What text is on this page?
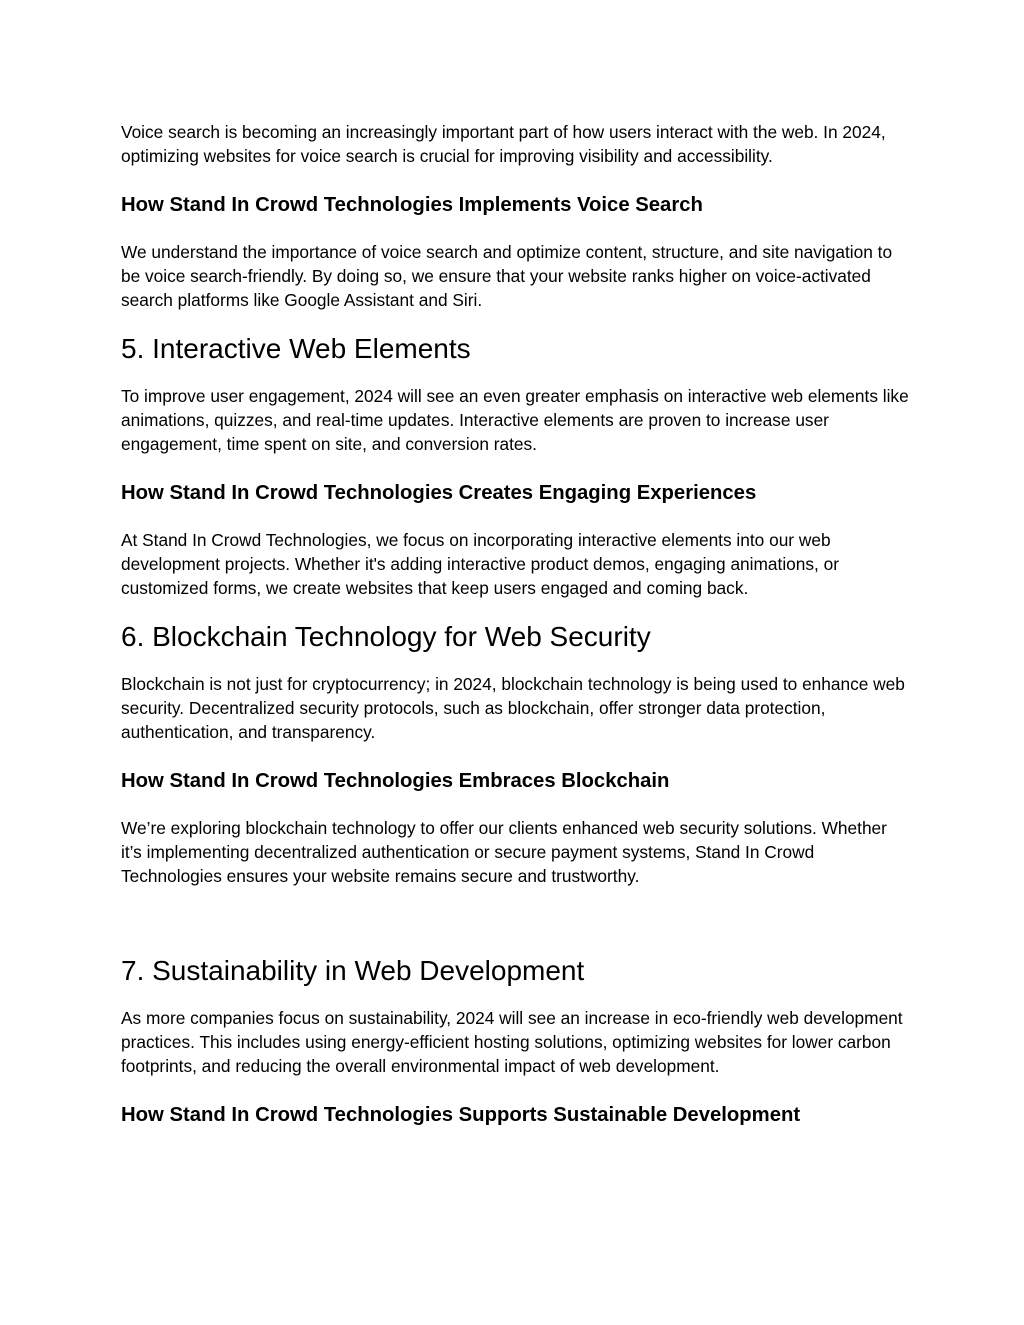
Voice search is becoming an increasingly important part of how users interact with the web. In 2024, optimizing websites for voice search is crucial for improving visibility and accessibility.

How Stand In Crowd Technologies Implements Voice Search

We understand the importance of voice search and optimize content, structure, and site navigation to be voice search-friendly. By doing so, we ensure that your website ranks higher on voice-activated search platforms like Google Assistant and Siri.

5. Interactive Web Elements

To improve user engagement, 2024 will see an even greater emphasis on interactive web elements like animations, quizzes, and real-time updates. Interactive elements are proven to increase user engagement, time spent on site, and conversion rates.

How Stand In Crowd Technologies Creates Engaging Experiences

At Stand In Crowd Technologies, we focus on incorporating interactive elements into our web development projects. Whether it's adding interactive product demos, engaging animations, or customized forms, we create websites that keep users engaged and coming back.

6. Blockchain Technology for Web Security

Blockchain is not just for cryptocurrency; in 2024, blockchain technology is being used to enhance web security. Decentralized security protocols, such as blockchain, offer stronger data protection, authentication, and transparency.

How Stand In Crowd Technologies Embraces Blockchain

We’re exploring blockchain technology to offer our clients enhanced web security solutions. Whether it’s implementing decentralized authentication or secure payment systems, Stand In Crowd Technologies ensures your website remains secure and trustworthy.

7. Sustainability in Web Development

As more companies focus on sustainability, 2024 will see an increase in eco-friendly web development practices. This includes using energy-efficient hosting solutions, optimizing websites for lower carbon footprints, and reducing the overall environmental impact of web development.

How Stand In Crowd Technologies Supports Sustainable Development
